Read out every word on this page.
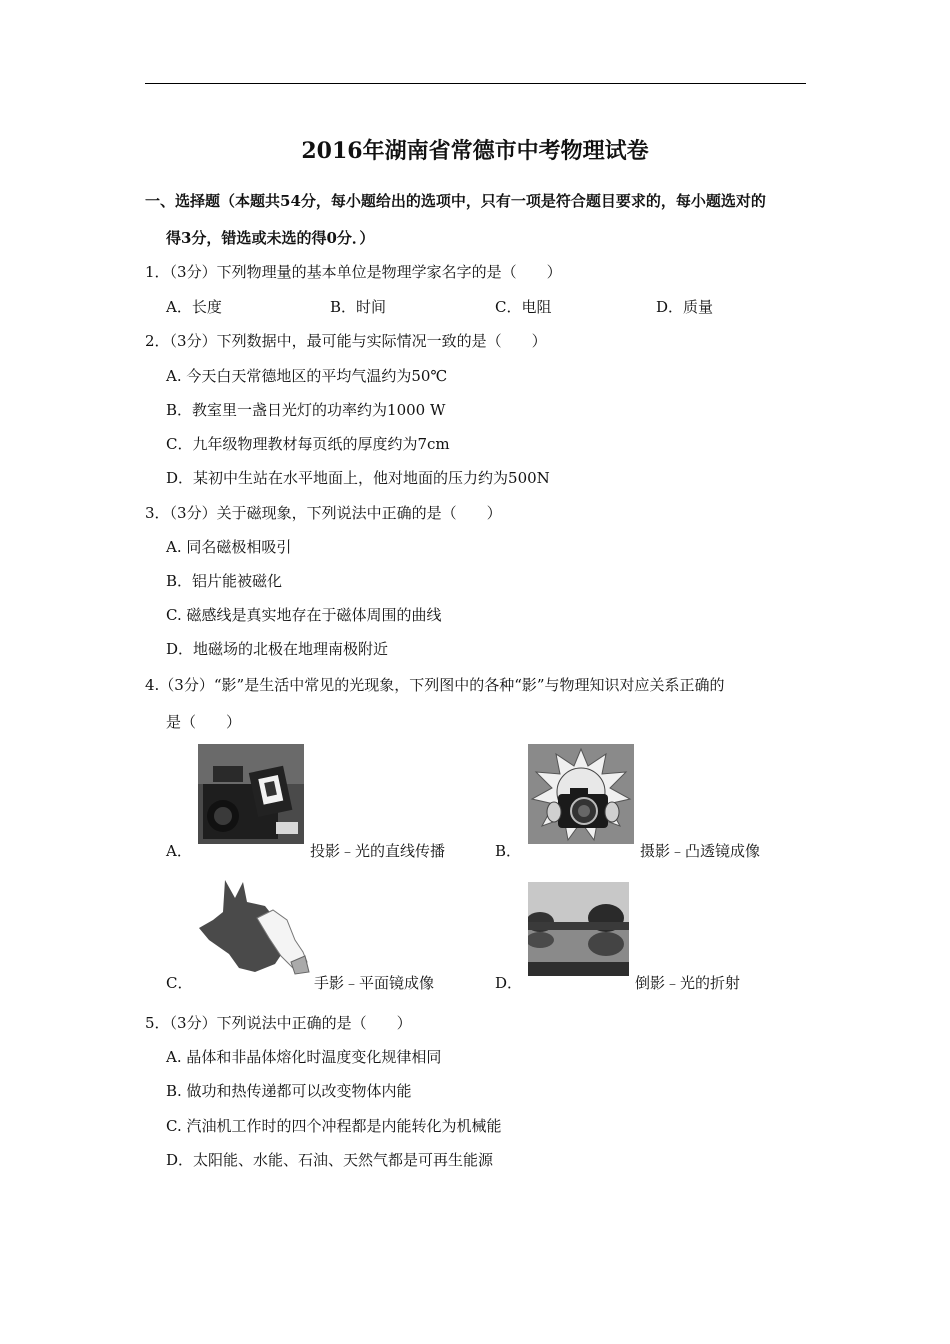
2016年湖南省常德市中考物理试卷
一、选择题（本题共54分，每小题给出的选项中，只有一项是符合题目要求的，每小题选对的
得3分，错选或未选的得0分．）
1．（3分）下列物理量的基本单位是物理学家名字的是（　　）
A．长度	B．时间	C．电阻	D．质量
2．（3分）下列数据中，最可能与实际情况一致的是（　　）
A. 今天白天常德地区的平均气温约为50℃
B．教室里一盏日光灯的功率约为1000 W
C．九年级物理教材每页纸的厚度约为7cm
D．某初中生站在水平地面上，他对地面的压力约为500N
3．（3分）关于磁现象，下列说法中正确的是（　　）
A. 同名磁极相吸引
B．铝片能被磁化
C. 磁感线是真实地存在于磁体周围的曲线
D．地磁场的北极在地理南极附近
4.（3分）“影”是生活中常见的光现象，下列图中的各种“影”与物理知识对应关系正确的
是（　　）
A．	投影﹣光的直线传播	B．	摄影﹣凸透镜成像
C．	手影﹣平面镜成像	D．	倒影﹣光的折射
5．（3分）下列说法中正确的是（　　）
A. 晶体和非晶体熔化时温度变化规律相同
B. 做功和热传递都可以改变物体内能
C. 汽油机工作时的四个冲程都是内能转化为机械能
D．太阳能、水能、石油、天然气都是可再生能源
